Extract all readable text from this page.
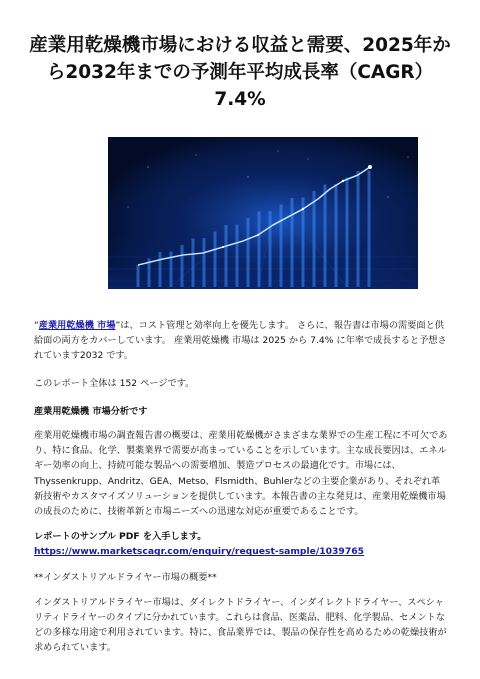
産業用乾燥機市場における収益と需要、2025年から2032年までの予測年平均成長率（CAGR） 7.4%

“産業用乾燥機 市場”は、コスト管理と効率向上を優先します。 さらに、報告書は市場の需要面と供給面の両方をカバーしています。 産業用乾燥機 市場は 2025 から 7.4% に年率で成長すると予想されています2032 です。

このレポート全体は 152 ページです。

産業用乾燥機 市場分析です

産業用乾燥機市場の調査報告書の概要は、産業用乾燥機がさまざまな業界での生産工程に不可欠であり、特に食品、化学、製薬業界で需要が高まっていることを示しています。主な成長要因は、エネルギー効率の向上、持続可能な製品への需要増加、製造プロセスの最適化です。市場には、Thyssenkrupp、Andritz、GEA、Metso、Flsmidth、Buhlerなどの主要企業があり、それぞれ革新技術やカスタマイズソリューションを提供しています。本報告書の主な発見は、産業用乾燥機市場の成長のために、技術革新と市場ニーズへの迅速な対応が重要であることです。

レポートのサンプル PDF を入手します。 https://www.marketscagr.com/enquiry/request-sample/1039765

**インダストリアルドライヤー市場の概要**

インダストリアルドライヤー市場は、ダイレクトドライヤー、インダイレクトドライヤー、スペシャリティドライヤーのタイプに分かれています。これらは食品、医薬品、肥料、化学製品、セメントなどの多様な用途で利用されています。特に、食品業界では、製品の保存性を高めるための乾燥技術が求められています。
